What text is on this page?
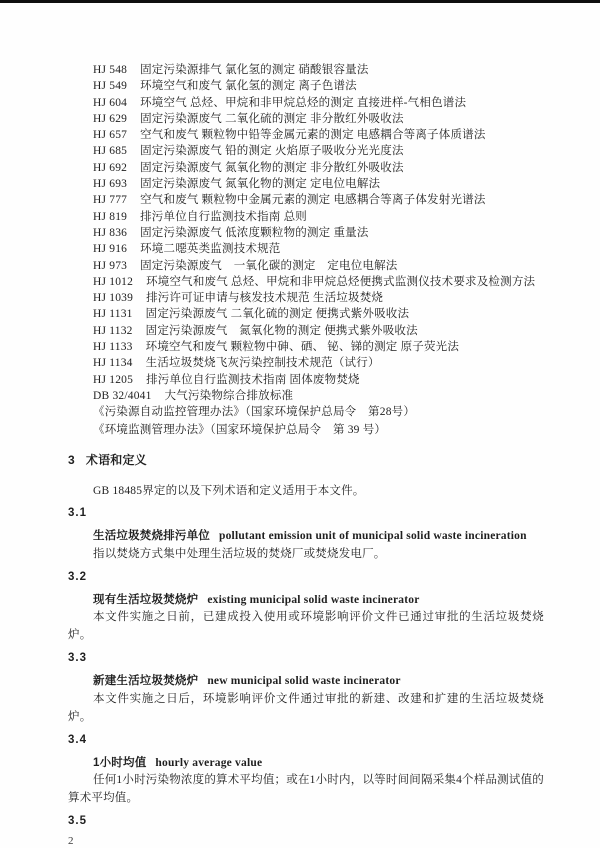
HJ 548 固定污染源排气 氯化氢的测定 硝酸银容量法
HJ 549 环境空气和废气 氯化氢的测定 离子色谱法
HJ 604 环境空气 总烃、甲烷和非甲烷总烃的测定 直接进样-气相色谱法
HJ 629 固定污染源废气 二氧化硫的测定 非分散红外吸收法
HJ 657 空气和废气 颗粒物中铅等金属元素的测定 电感耦合等离子体质谱法
HJ 685 固定污染源废气 铅的测定 火焰原子吸收分光光度法
HJ 692 固定污染源废气 氮氧化物的测定 非分散红外吸收法
HJ 693 固定污染源废气 氮氧化物的测定 定电位电解法
HJ 777 空气和废气 颗粒物中金属元素的测定 电感耦合等离子体发射光谱法
HJ 819 排污单位自行监测技术指南 总则
HJ 836 固定污染源废气 低浓度颗粒物的测定 重量法
HJ 916 环境二噁英类监测技术规范
HJ 973 固定污染源废气　一氧化碳的测定　定电位电解法
HJ 1012 环境空气和废气 总烃、甲烷和非甲烷总烃便携式监测仪技术要求及检测方法
HJ 1039 排污许可证申请与核发技术规范 生活垃圾焚烧
HJ 1131 固定污染源废气 二氧化硫的测定 便携式紫外吸收法
HJ 1132 固定污染源废气　氮氧化物的测定 便携式紫外吸收法
HJ 1133 环境空气和废气 颗粒物中砷、硒、 铋、锑的测定 原子荧光法
HJ 1134 生活垃圾焚烧飞灰污染控制技术规范（试行）
HJ 1205 排污单位自行监测技术指南 固体废物焚烧
DB 32/4041 大气污染物综合排放标准
《污染源自动监控管理办法》（国家环境保护总局令　第28号）
《环境监测管理办法》（国家环境保护总局令　第 39 号）
3 术语和定义

GB 18485界定的以及下列术语和定义适用于本文件。

3.1

生活垃圾焚烧排污单位 pollutant emission unit of municipal solid waste incineration

指以焚烧方式集中处理生活垃圾的焚烧厂或焚烧发电厂。

3.2

现有生活垃圾焚烧炉 existing municipal solid waste incinerator

本文件实施之日前，已建成投入使用或环境影响评价文件已通过审批的生活垃圾焚烧炉。

3.3

新建生活垃圾焚烧炉 new municipal solid waste incinerator

本文件实施之日后，环境影响评价文件通过审批的新建、改建和扩建的生活垃圾焚烧炉。

3.4

1小时均值 hourly average value

任何1小时污染物浓度的算术平均值；或在1小时内，以等时间间隔采集4个样品测试值的算术平均值。

3.5
2
